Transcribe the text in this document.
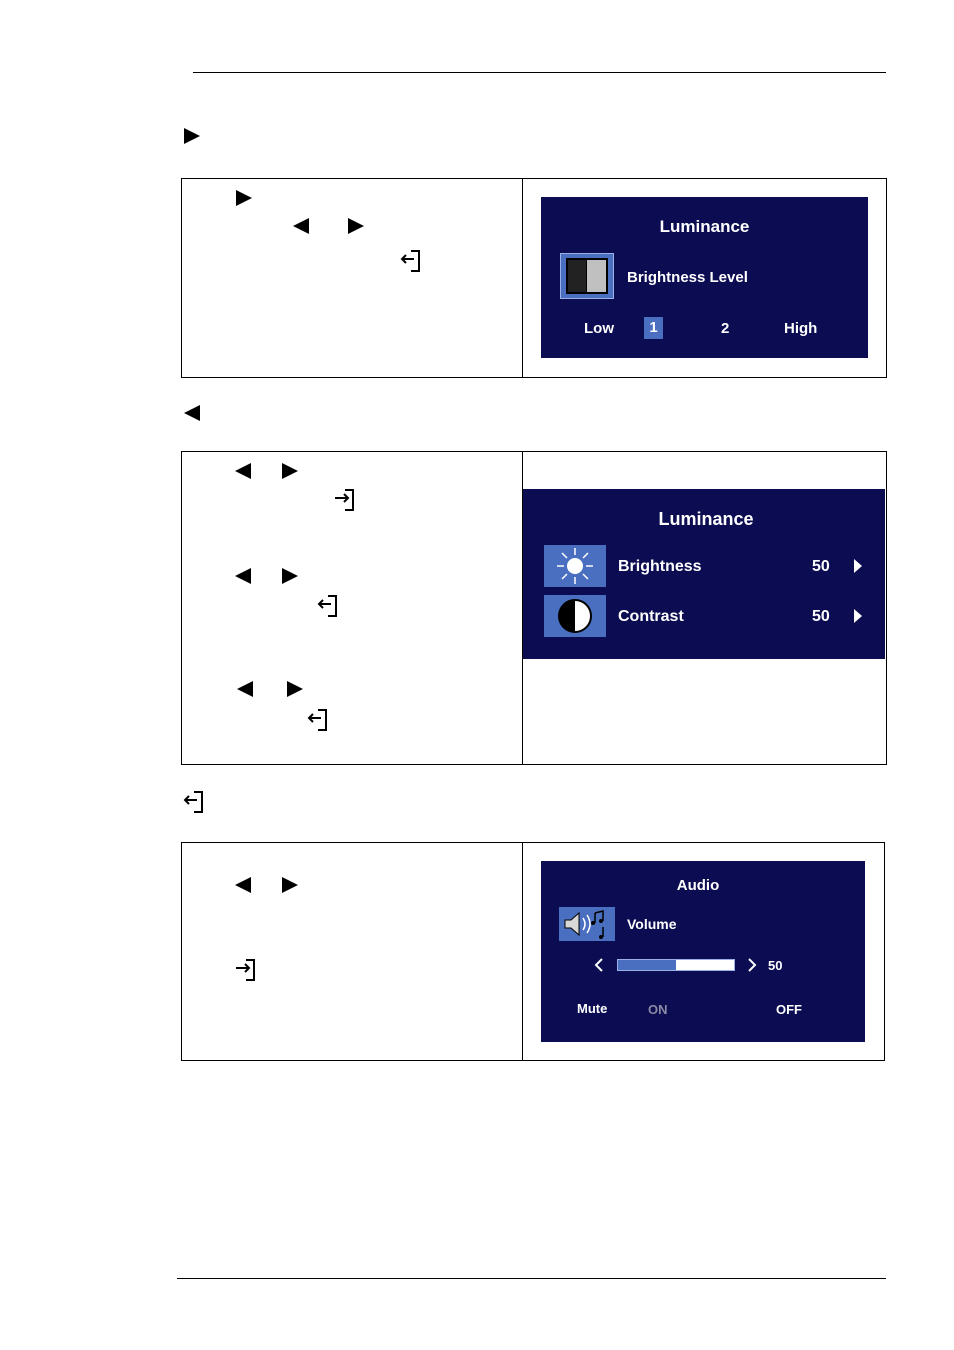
Luminance
Brightness Level
Low	1	2	High
Luminance
Brightness	50
Contrast	50
Audio
Volume
50
Mute	ON	OFF
